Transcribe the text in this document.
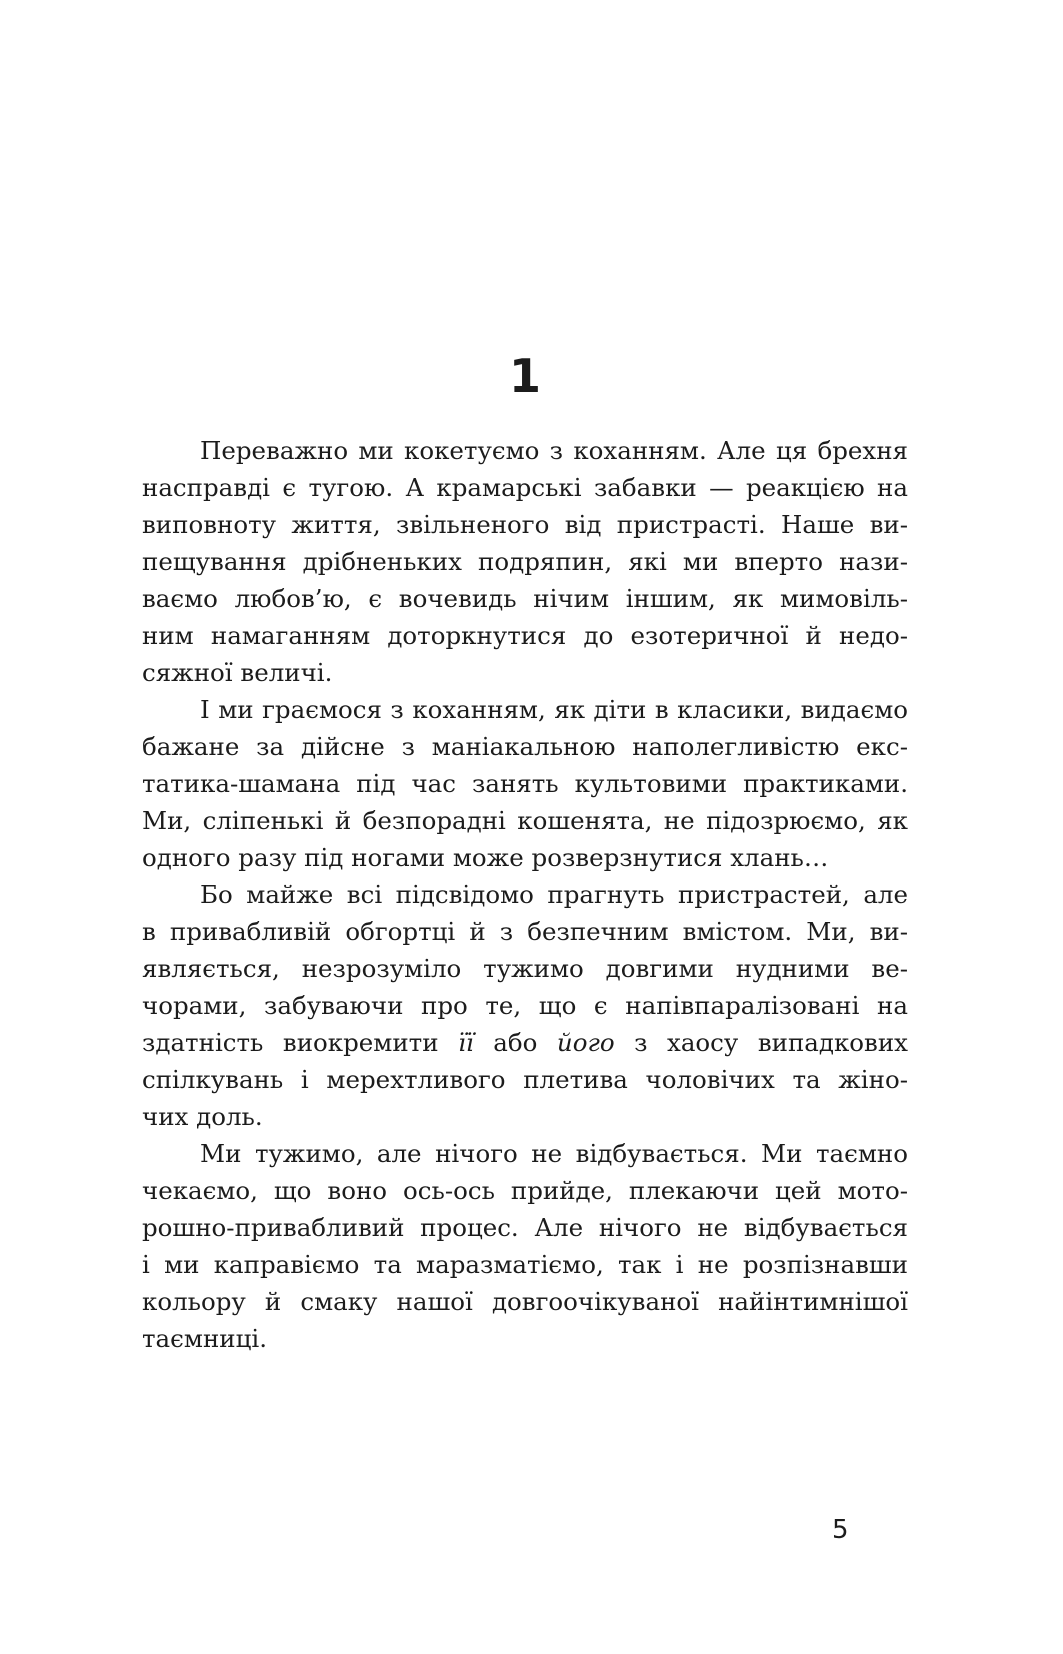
1
Переважно ми кокетуємо з коханням. Але ця брехня
насправді є тугою. А крамарські забавки — реакцією на
виповноту життя, звільненого від пристрасті. Наше ви-
пещування дрібненьких подряпин, які ми вперто нази-
ваємо любов’ю, є вочевидь нічим іншим, як мимовіль-
ним намаганням доторкнутися до езотеричної й недо-
сяжної величі.
І ми граємося з коханням, як діти в класики, видаємо
бажане за дійсне з маніакальною наполегливістю екс-
татика-шамана під час занять культовими практиками.
Ми, сліпенькі й безпорадні кошенята, не підозрюємо, як
одного разу під ногами може розверзнутися хлань…
Бо майже всі підсвідомо прагнуть пристрастей, але
в привабливій обгортці й з безпечним вмістом. Ми, ви-
являється, незрозуміло тужимо довгими нудними ве-
чорами, забуваючи про те, що є напівпаралізовані на
здатність виокремити її або його з хаосу випадкових
спілкувань і мерехтливого плетива чоловічих та жіно-
чих доль.
Ми тужимо, але нічого не відбувається. Ми таємно
чекаємо, що воно ось-ось прийде, плекаючи цей мото-
рошно-привабливий процес. Але нічого не відбувається
і ми каправіємо та маразматіємо, так і не розпізнавши
кольору й смаку нашої довгоочікуваної найінтимнішої
таємниці.
5
